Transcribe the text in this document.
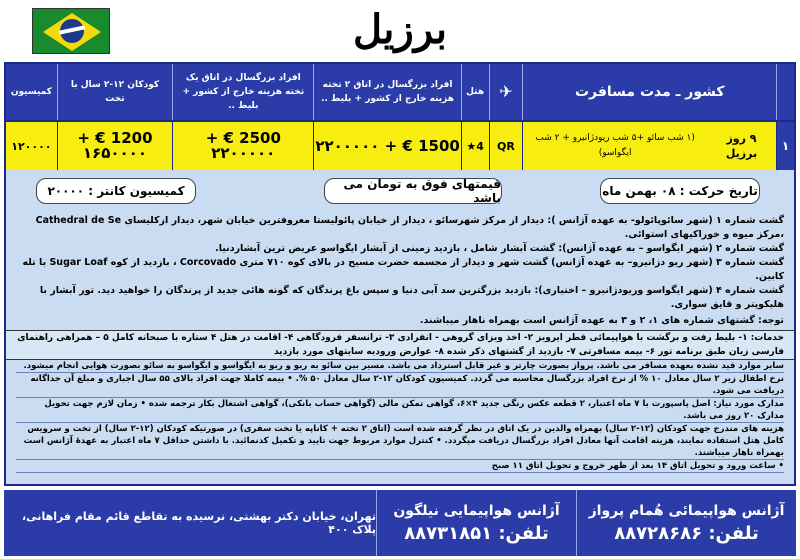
برزیل
کشور ـ مدت مسافرت
✈
هتل
افراد بزرگسال در اتاق ۲ تخته هزینه خارج از کشور + بلیط ..
افراد بزرگسال در اتاق یک تخته هزینه خارج از کشور + بلیط ..
کودکان ۱۲-۲ سال با تخت
کمیسیون
۱
۹ روز برزیل
(۱ شب سائو +۵ شب ریودژانیرو + ۲ شب ایگواسو)
QR
4★
1500 € + ۲۲۰۰۰۰۰
2500 € + ۲۲۰۰۰۰۰
1200 € + ۱۶۵۰۰۰۰
۱۲۰۰۰۰
تاریخ حرکت : ۰۸ بهمن ماه
قیمتهای فوق به تومان می باشد
کمیسیون کانتر : ۲۰۰۰۰
گشت شماره ۱ (شهر سائوپائولو- به عهده آژانس ): دیدار از مرکز شهرسائو ، دیدار از خیابان پائولیستا معروفترین خیابان شهر، دیدار ازکلیسای Cathedral de Se ،مرکز میوه و خوراکیهای استوائی.
گشت شماره ۲ (شهر ایگواسو – به عهده آژانس): گشت آبشار شامل ، بازدید زمینی از آبشار ایگواسو عریض ترین آبشاردنیا.
گشت شماره ۳ (شهر ریو دژانیرو– به عهده آژانس) گشت شهر و دیدار از مجسمه حضرت مسیح در بالای کوه ۷۱۰ متری Corcovado ، بازدید از کوه Sugar Loaf با تله کابین.
گشت شماره ۴ (شهر ایگواسو وریودژانیرو – اختیاری): بازدید بزرگترین سد آبی دنیا و سپس باغ پرندگان که گونه هائی جدید از پرندگان را خواهید دید. تور آبشار با هلیکوپتر و قایق سواری.
توجه: گشتهای شماره های ۱، ۲ و ۳ به عهده آژانس است بهمراه ناهار میباشند.
خدمات: ۱- بلیط رفت و برگشت با هواپیمائی قطر ایرویز ۲- اخذ ویزای گروهی - انفرادی ۳- ترانسفر فرودگاهی ۴- اقامت در هتل ۴ ستاره با صبحانه کامل ۵ – همراهی راهنمای فارسی زبان طبق برنامه تور ۶- بیمه مسافرتی ۷- بازدید از گشتهای ذکر شده ۸- عوارض ورودیه سایتهای مورد بازدید
سایر موارد قید نشده بعهده مسافر می باشد. پرواز بصورت چارتر و غیر قابل استرداد می باشد. مسیر بین سائو به ریو و ریو به ایگواسو و ایگواسو به سائو بصورت هوایی انجام میشود.
نرخ اطفال زیر ۲ سال معادل ۱۰ % از نرخ افراد بزرگسال محاسبه می گردد. کمیسیون کودکان ۱۲-۲ سال معادل ۵۰ %. • بیمه کاملا جهت افراد بالای ۵۵ سال اجباری و مبلغ آن جداگانه دریافت می شود.
مدارک مورد نیاز: اصل پاسپورت با ۷ ماه اعتبار، ۲ قطعه عکس رنگی جدید ۴×۶، گواهی تمکن مالی (گواهی حساب بانکی)، گواهی اشتغال بکار ترجمه شده • زمان لازم جهت تحویل مدارک ۲۰ روز می باشد.
هزینه های مندرج جهت کودکان (۱۲-۲ سال) بهمراه والدین در یک اتاق در نظر گرفته شده است (اتاق ۲ تخته + کاناپه یا تخت سفری) در صورتیکه کودکان (۱۲-۲ سال) از تخت و سرویس کامل هتل استفاده نمایند، هزینه اقامت آنها معادل افراد بزرگسال دریافت میگردد. • کنترل موارد مربوط جهت تایید و تکمیل کدنمائید. با داشتن حداقل ۷ ماه اعتبار به عهدهٔ آژانس است بهمراه ناهار میباشند.
• ساعت ورود و تحویل اتاق ۱۴ بعد از ظهر خروج و تحویل اتاق ۱۱ صبح
آژانس هواپیمائی هُمام پرواز
تلفن: ۸۸۷۲۸۶۸۶
آژانس هواپیمایی نیلگون
تلفن: ۸۸۷۳۱۸۵۱
تهران، خیابان دکتر بهشتی، نرسیده به تقاطع قائم مقام فراهانی، پلاک ۴۰۰
